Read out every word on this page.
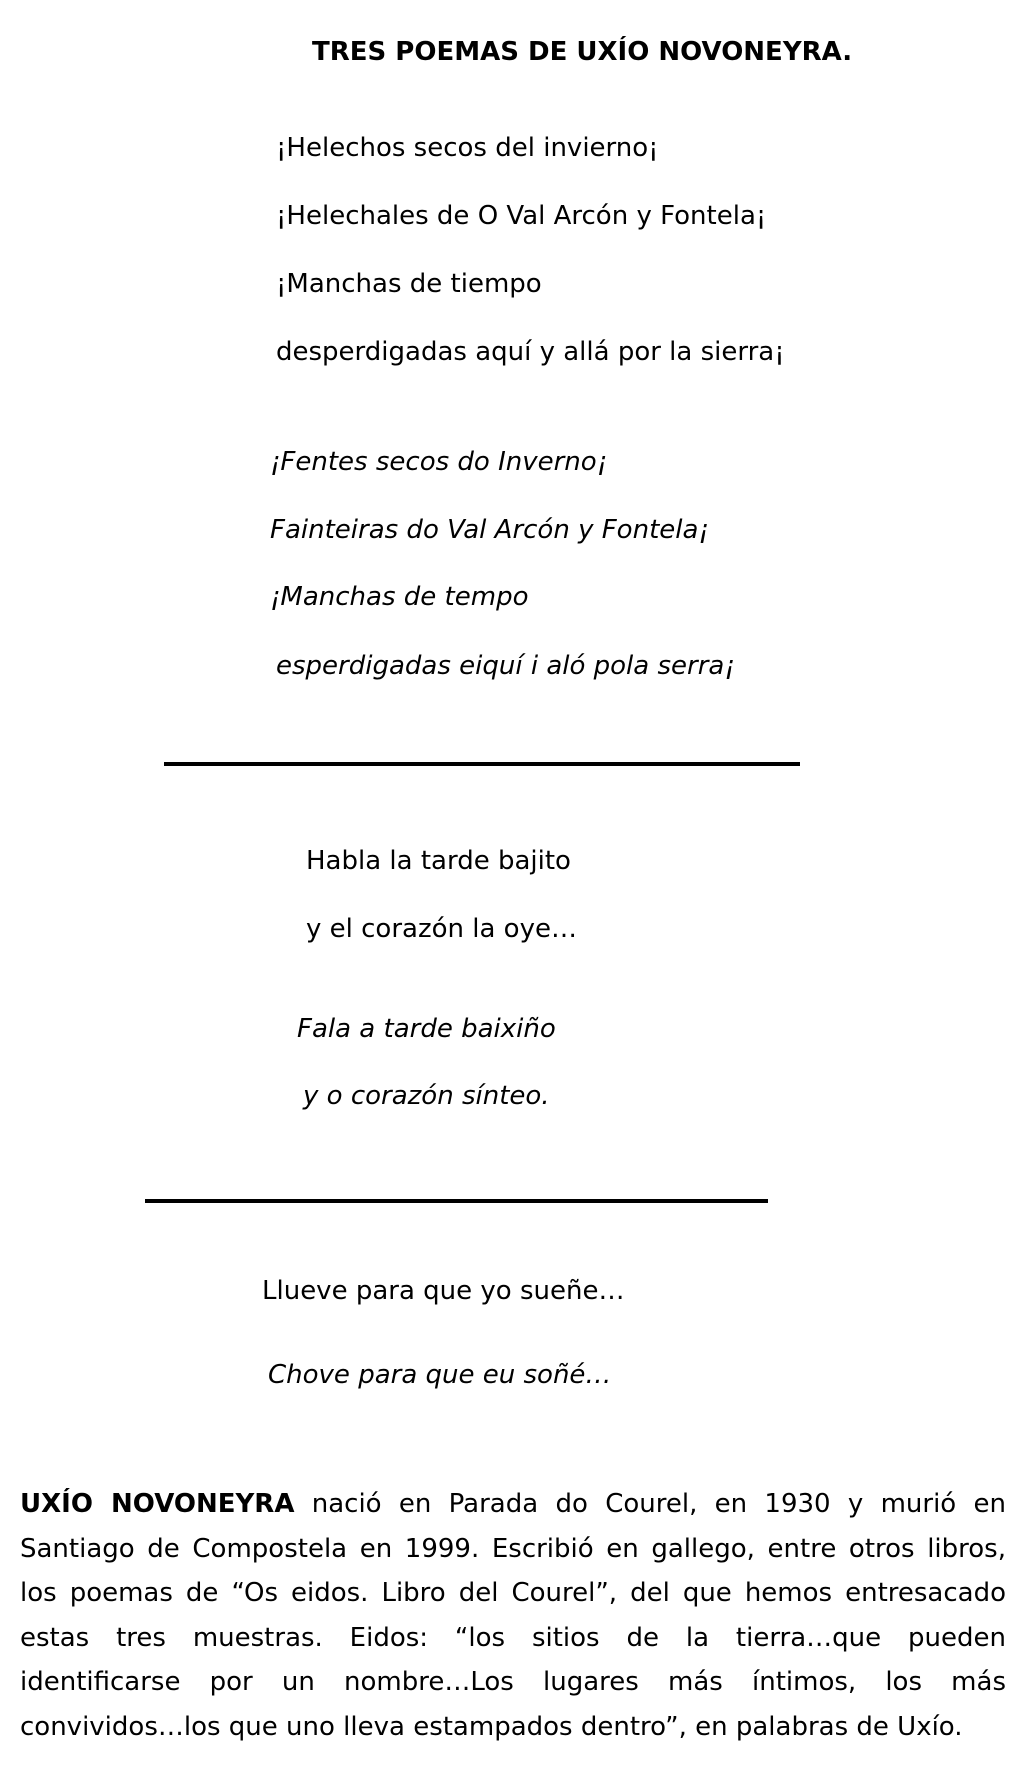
TRES POEMAS DE UXÍO NOVONEYRA.
¡Helechos secos del invierno¡
¡Helechales de O Val Arcón y Fontela¡
¡Manchas de tiempo
desperdigadas aquí y allá por la sierra¡
¡Fentes secos do Inverno¡
Fainteiras do Val Arcón y Fontela¡
¡Manchas de tempo
esperdigadas eiquí i aló pola serra¡
Habla la tarde bajito
y el corazón la oye…
Fala a tarde baixiño
y o corazón sínteo.
Llueve para que yo sueñe…
Chove para que eu soñé…
UXÍO NOVONEYRA nació en Parada do Courel, en 1930 y murió en Santiago de Compostela en 1999. Escribió en gallego, entre otros libros, los poemas de “Os eidos. Libro del Courel”, del que hemos entresacado estas tres muestras. Eidos: “los sitios de la tierra…que pueden identificarse por un nombre…Los lugares más íntimos, los más convividos…los que uno lleva estampados dentro”, en palabras de Uxío.
